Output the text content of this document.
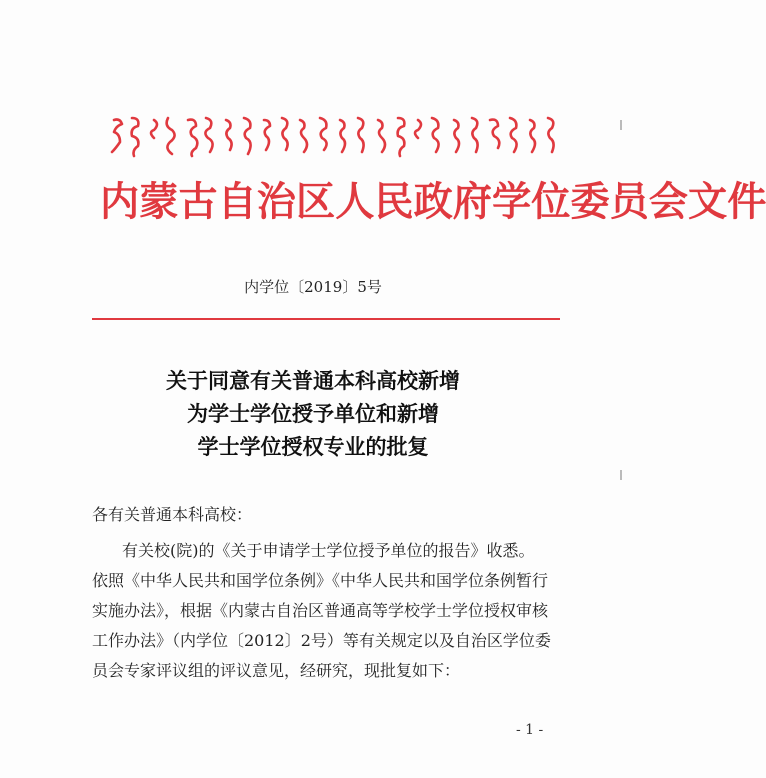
内蒙古自治区人民政府学位委员会文件
内学位〔2019〕5号
关于同意有关普通本科高校新增
为学士学位授予单位和新增
学士学位授权专业的批复
各有关普通本科高校：
有关校(院)的《关于申请学士学位授予单位的报告》收悉。
依照《中华人民共和国学位条例》《中华人民共和国学位条例暂行
实施办法》，根据《内蒙古自治区普通高等学校学士学位授权审核
工作办法》（内学位〔2012〕2号）等有关规定以及自治区学位委
员会专家评议组的评议意见，经研究，现批复如下：
- 1 -
